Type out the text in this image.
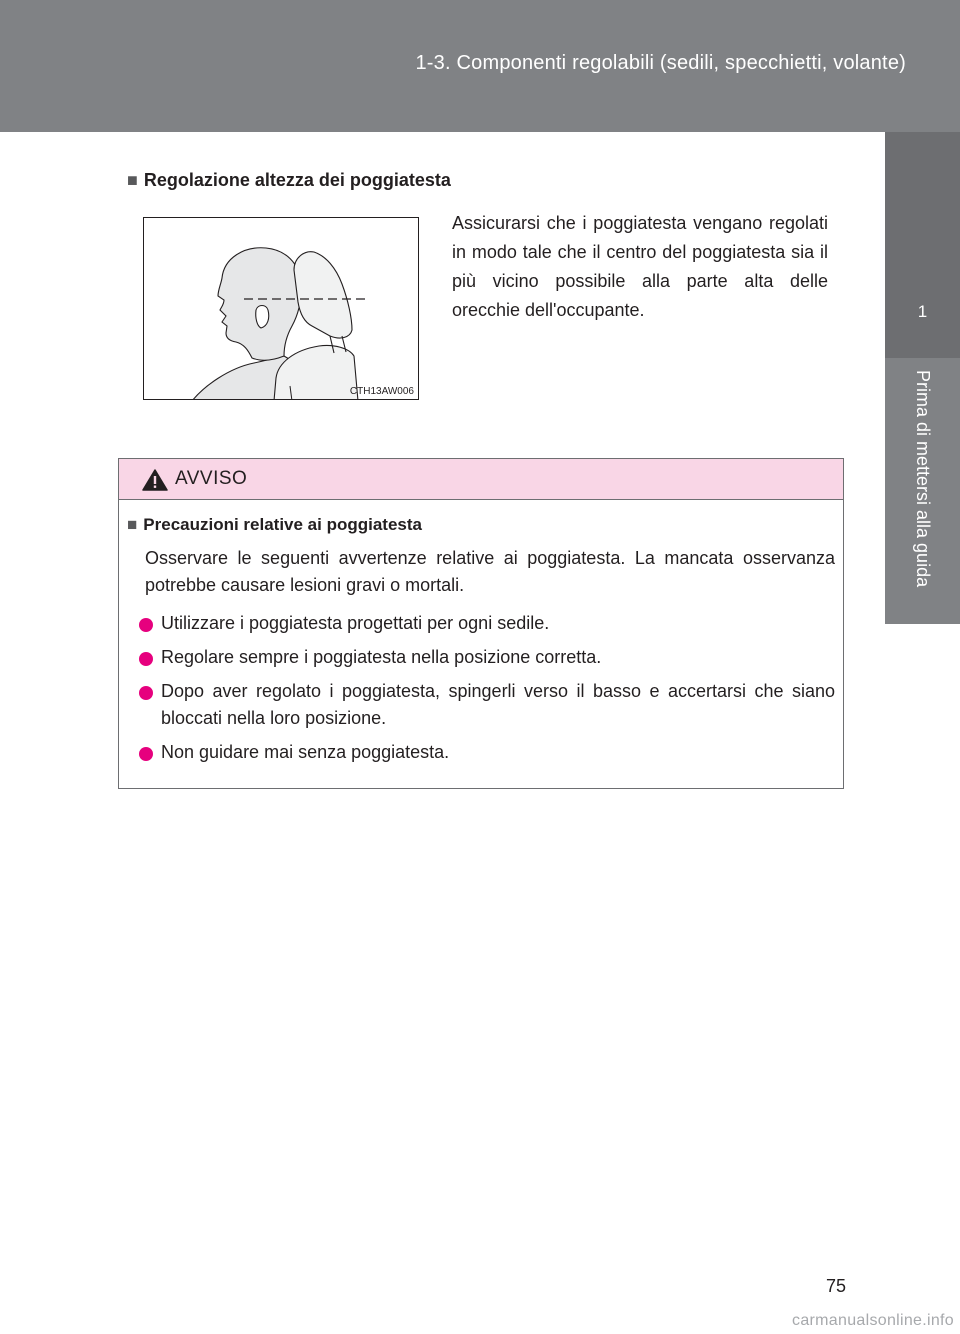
1-3. Componenti regolabili (sedili, specchietti, volante)
1
Prima di mettersi alla guida
■ Regolazione altezza dei poggiatesta
CTH13AW006
Assicurarsi che i poggiatesta vengano regolati in modo tale che il centro del poggiatesta sia il più vicino possibile alla parte alta delle orecchie dell'occupante.
AVVISO
■ Precauzioni relative ai poggiatesta
Osservare le seguenti avvertenze relative ai poggiatesta. La mancata osservanza potrebbe causare lesioni gravi o mortali.
Utilizzare i poggiatesta progettati per ogni sedile.
Regolare sempre i poggiatesta nella posizione corretta.
Dopo aver regolato i poggiatesta, spingerli verso il basso e accertarsi che siano bloccati nella loro posizione.
Non guidare mai senza poggiatesta.
75
carmanualsonline.info
